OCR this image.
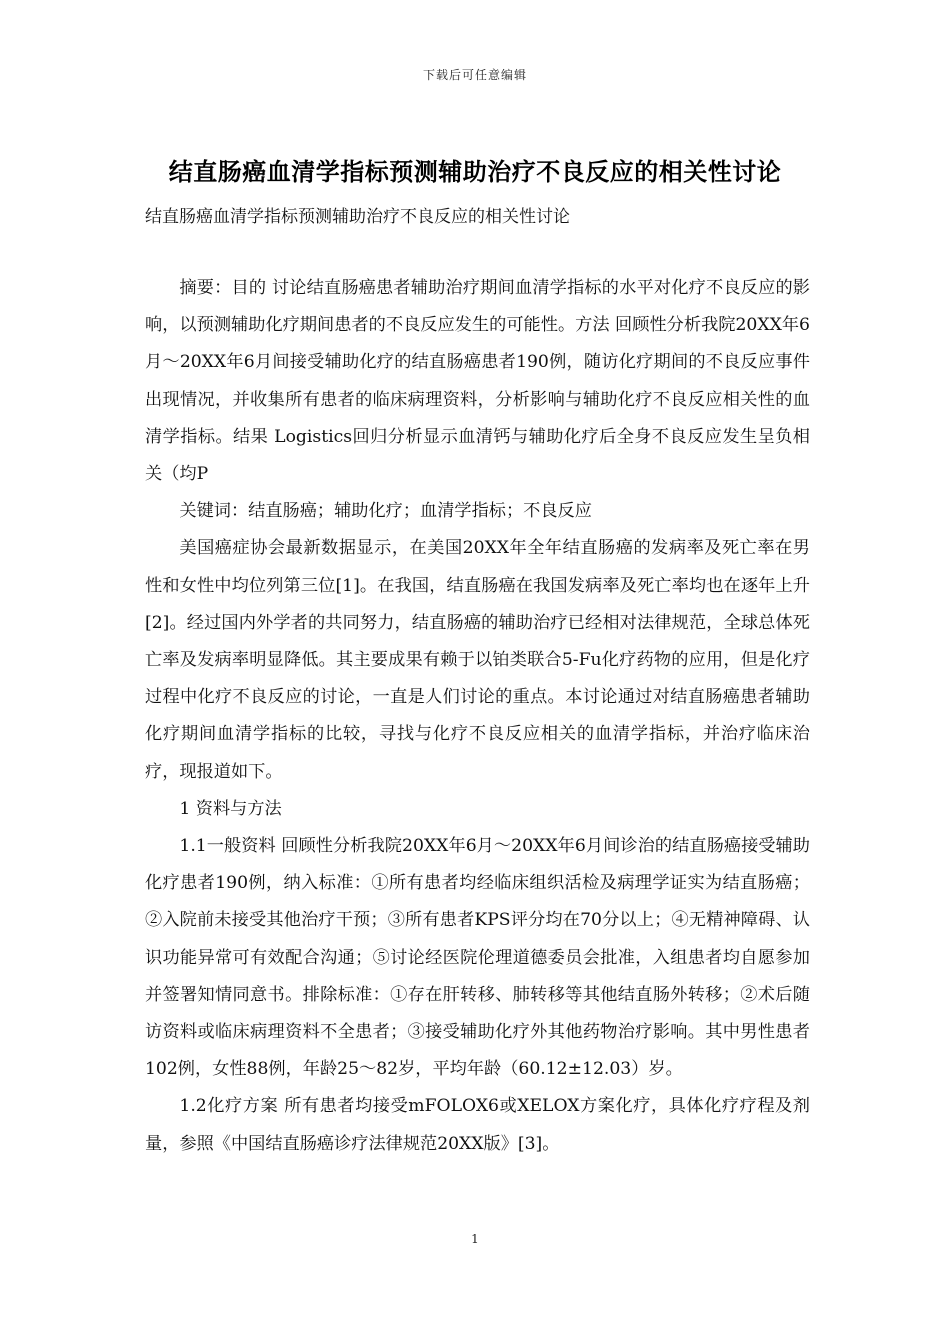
下载后可任意编辑
结直肠癌血清学指标预测辅助治疗不良反应的相关性讨论
结直肠癌血清学指标预测辅助治疗不良反应的相关性讨论

摘要：目的 讨论结直肠癌患者辅助治疗期间血清学指标的水平对化疗不良反应的影响，以预测辅助化疗期间患者的不良反应发生的可能性。方法 回顾性分析我院20XX年6月～20XX年6月间接受辅助化疗的结直肠癌患者190例，随访化疗期间的不良反应事件出现情况，并收集所有患者的临床病理资料，分析影响与辅助化疗不良反应相关性的血清学指标。结果 Logistics回归分析显示血清钙与辅助化疗后全身不良反应发生呈负相关（均P

关键词：结直肠癌；辅助化疗；血清学指标；不良反应

美国癌症协会最新数据显示，在美国20XX年全年结直肠癌的发病率及死亡率在男性和女性中均位列第三位[1]。在我国，结直肠癌在我国发病率及死亡率均也在逐年上升[2]。经过国内外学者的共同努力，结直肠癌的辅助治疗已经相对法律规范，全球总体死亡率及发病率明显降低。其主要成果有赖于以铂类联合5-Fu化疗药物的应用，但是化疗过程中化疗不良反应的讨论，一直是人们讨论的重点。本讨论通过对结直肠癌患者辅助化疗期间血清学指标的比较，寻找与化疗不良反应相关的血清学指标，并治疗临床治疗，现报道如下。

1 资料与方法

1.1一般资料 回顾性分析我院20XX年6月～20XX年6月间诊治的结直肠癌接受辅助化疗患者190例，纳入标准：①所有患者均经临床组织活检及病理学证实为结直肠癌；②入院前未接受其他治疗干预；③所有患者KPS评分均在70分以上；④无精神障碍、认识功能异常可有效配合沟通；⑤讨论经医院伦理道德委员会批准，入组患者均自愿参加并签署知情同意书。排除标准：①存在肝转移、肺转移等其他结直肠外转移；②术后随访资料或临床病理资料不全患者；③接受辅助化疗外其他药物治疗影响。其中男性患者102例，女性88例，年龄25～82岁，平均年龄（60.12±12.03）岁。

1.2化疗方案 所有患者均接受mFOLOX6或XELOX方案化疗，具体化疗疗程及剂量，参照《中国结直肠癌诊疗法律规范20XX版》[3]。

1
